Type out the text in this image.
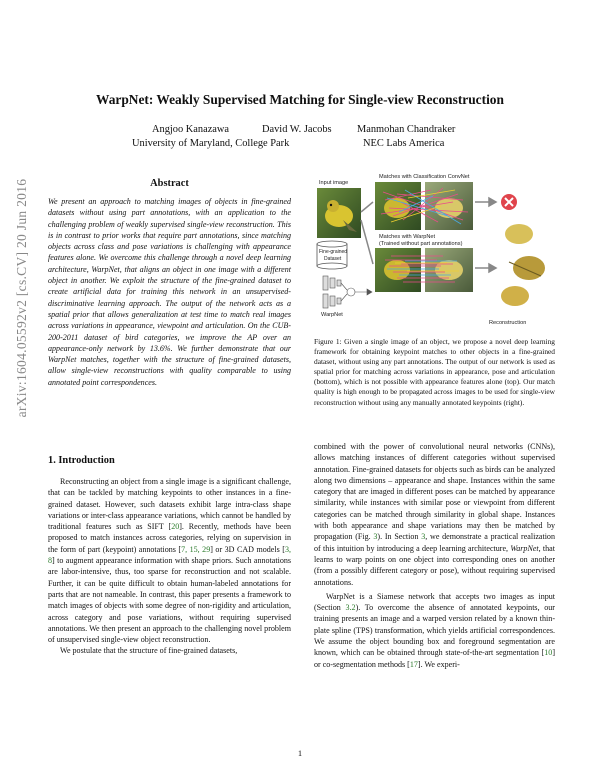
WarpNet: Weakly Supervised Matching for Single-view Reconstruction
Angjoo Kanazawa	David W. Jacobs Manmohan Chandraker
University of Maryland, College Park	NEC Labs America
arXiv:1604.05592v2 [cs.CV] 20 Jun 2016	Abstract
We present an approach to matching images of objects in fine-grained datasets without using part annotations, with an application to the challenging problem of weakly supervised single-view reconstruction. This is in contrast to prior works that require part annotations, since matching objects across class and pose variations is challenging with appearance features alone. We overcome this challenge through a novel deep learning architecture, WarpNet, that aligns an object in one image with a different object in another. We exploit the structure of the fine-grained dataset to create artificial data for training this network in an unsupervised-discriminative learning approach. The output of the network acts as a spatial prior that allows generalization at test time to match real images across variations in appearance, viewpoint and articulation. On the CUB-200-2011 dataset of bird categories, we improve the AP over an appearance-only network by 13.6%. We further demonstrate that our WarpNet matches, together with the structure of fine-grained datasets, allow single-view reconstructions with quality comparable to using annotated point correspondences.
1. Introduction

Reconstructing an object from a single image is a significant challenge, that can be tackled by matching keypoints to other instances in a fine-grained dataset. However, such datasets exhibit large intra-class shape variations or inter-class appearance variations, which cannot be handled by traditional features such as SIFT [20]. Recently, methods have been proposed to match instances across categories, relying on supervision in the form of part (keypoint) annotations [7, 15, 29] or 3D CAD models [3, 8] to augment appearance information with shape priors. Such annotations are labor-intensive, thus, too sparse for reconstruction and not scalable. Further, it can be quite difficult to obtain human-labeled annotations for parts that are not nameable. In contrast, this paper presents a framework to match images of objects with some degree of non-rigidity and articulation, across category and pose variations, without requiring supervised annotations. We then present an approach to the challenging novel problem of unsupervised single-view object reconstruction.

We postulate that the structure of fine-grained datasets,

Input image
Matches with Classification ConvNet
Matches with WarpNet
(Trained without part annotations)
Fine-grained
Dataset
WarpNet
Reconstruction
Figure 1: Given a single image of an object, we propose a novel deep learning framework for obtaining keypoint matches to other objects in a fine-grained dataset, without using any part annotations. The output of our network is used as spatial prior for matching across variations in appearance, pose and articulation (bottom), which is not possible with appearance features alone (top). Our match quality is high enough to be propagated across images to be used for single-view reconstruction without using any manually annotated keypoints (right).

combined with the power of convolutional neural networks (CNNs), allows matching instances of different categories without supervised annotation. Fine-grained datasets for objects such as birds can be analyzed along two dimensions – appearance and shape. Instances within the same category that are imaged in different poses can be matched by appearance similarity, while instances with similar pose or viewpoint from different categories can be matched through similarity in global shape. Instances with both appearance and shape variations may then be matched by propagation (Fig. 3). In Section 3, we demonstrate a practical realization of this intuition by introducing a deep learning architecture, WarpNet, that learns to warp points on one object into corresponding ones on another (from a possibly different category or pose), without requiring supervised annotations.

WarpNet is a Siamese network that accepts two images as input (Section 3.2). To overcome the absence of annotated keypoints, our training presents an image and a warped version related by a known thin-plate spline (TPS) transformation, which yields artificial correspondences. We assume the object bounding box and foreground segmentation are known, which can be obtained through state-of-the-art segmentation [10] or co-segmentation methods [17]. We experi-

1
